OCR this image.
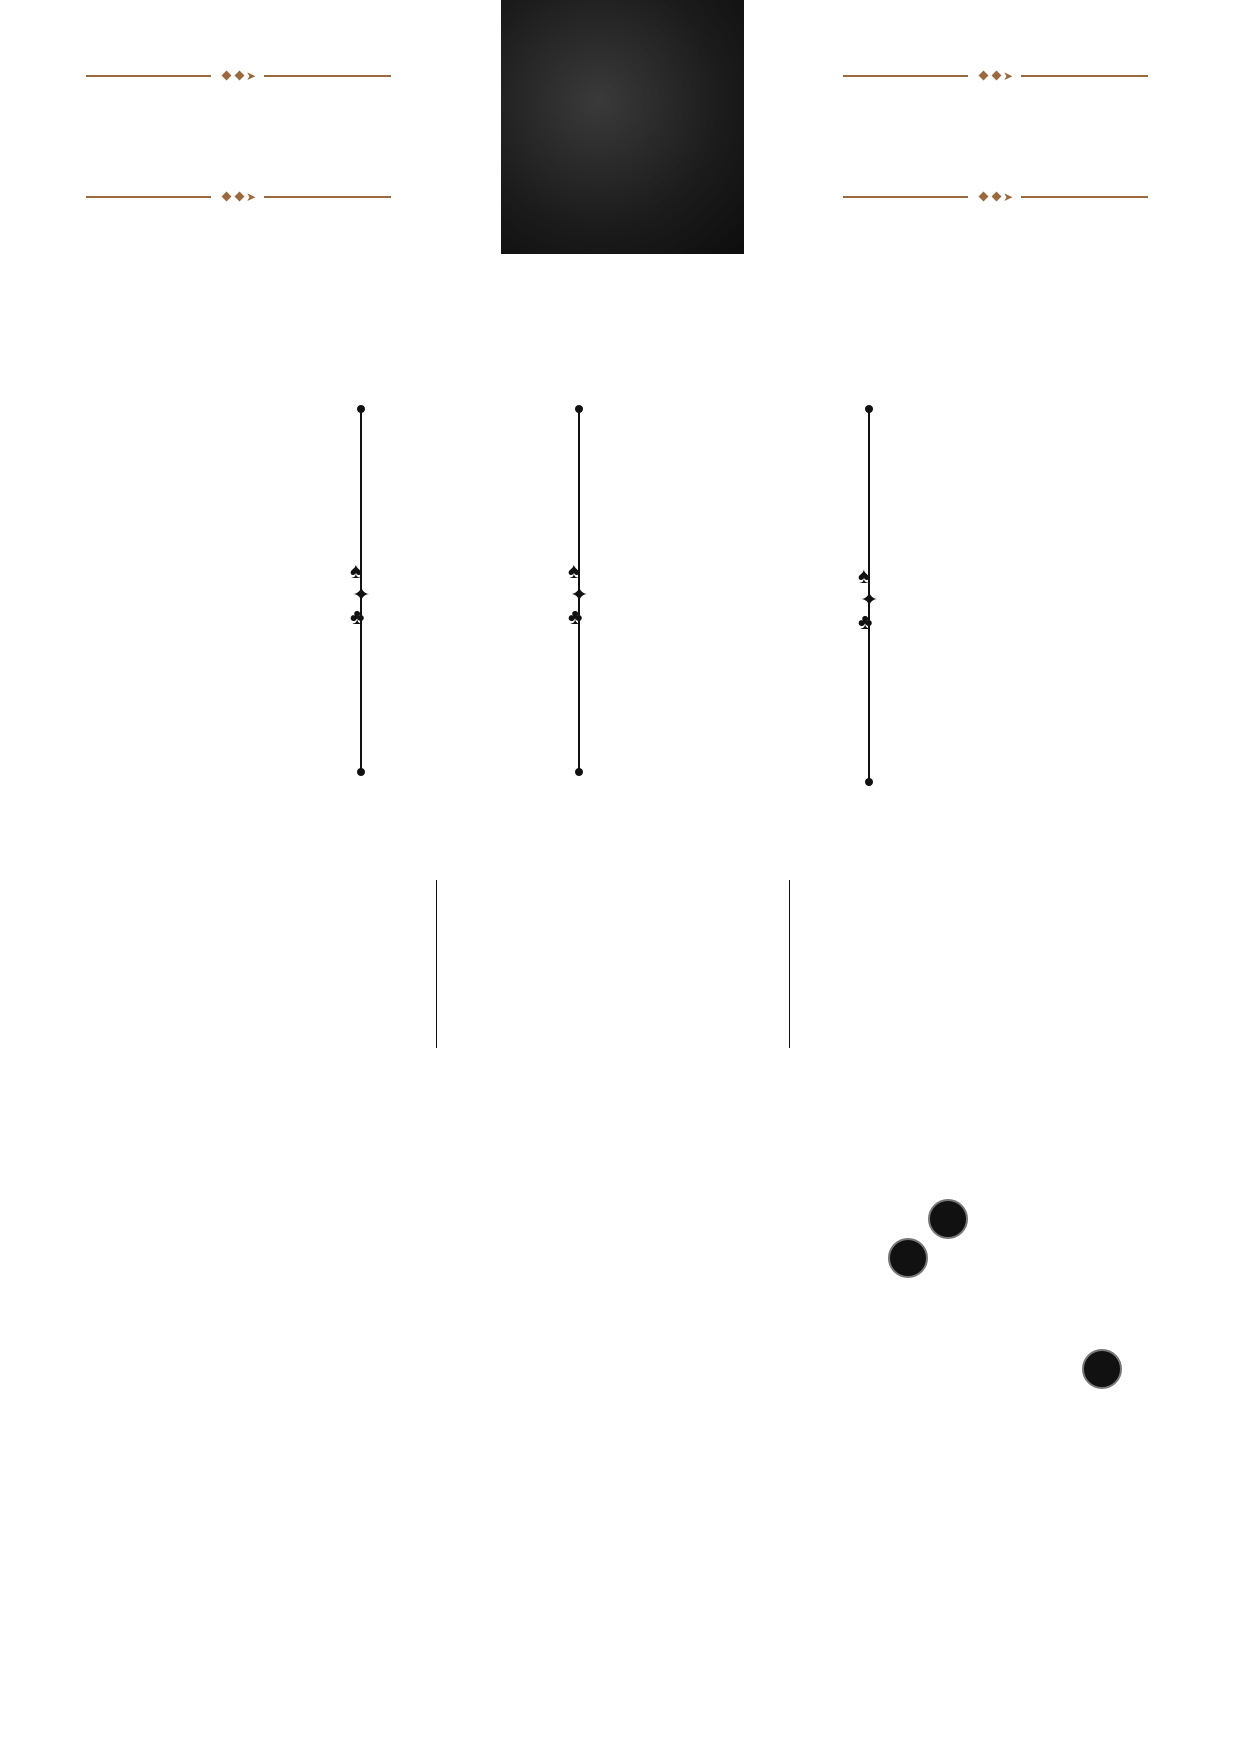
➤
➤
➤
➤
♠
✦
♣
♠
✦
♣
♠
✦
♣
